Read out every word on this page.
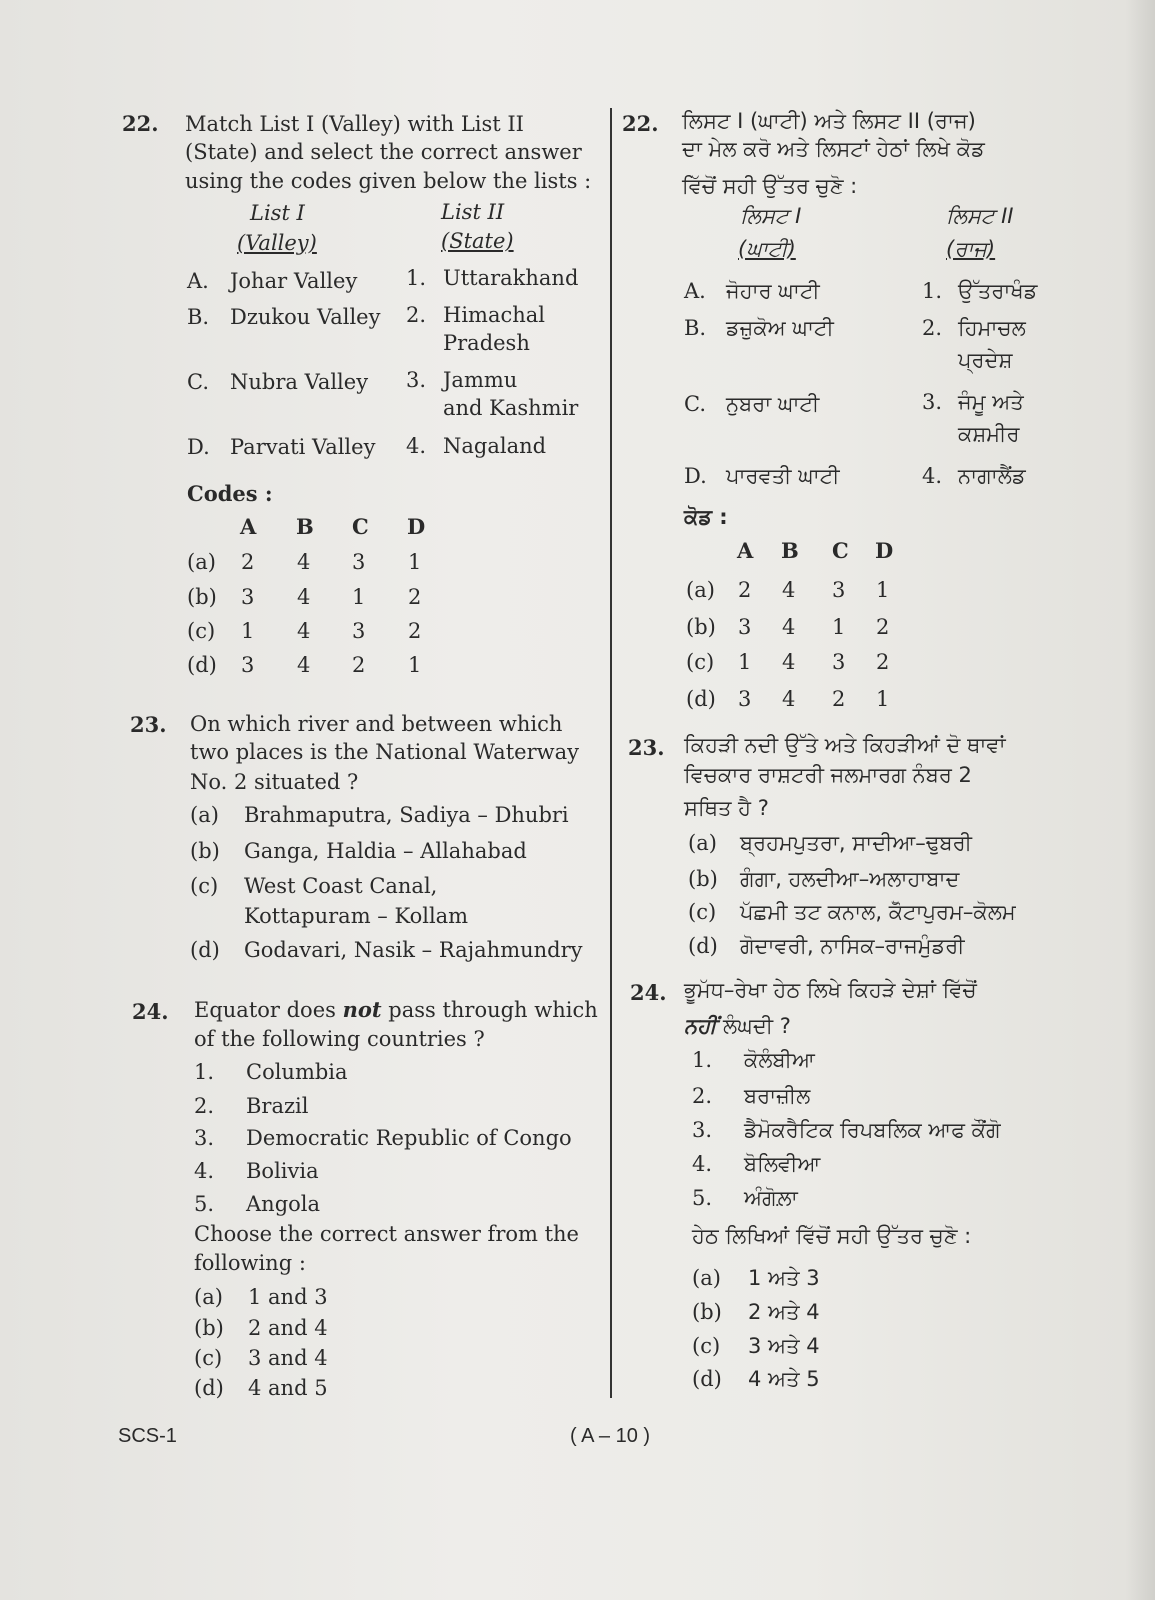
22. Match List I (Valley) with List II
(State) and select the correct answer
using the codes given below the lists :
List I
(Valley)
List II
(State)
A. Johar Valley
B. Dzukou Valley
C. Nubra Valley
D. Parvati Valley
1. Uttarakhand
2. Himachal
Pradesh
3. Jammu
and Kashmir
4. Nagaland
Codes :
A B C D
(a) 2 4 3 1
(b) 3 4 1 2
(c) 1 4 3 2
(d) 3 4 2 1
23. On which river and between which
two places is the National Waterway
No. 2 situated ?
(a) Brahmaputra, Sadiya – Dhubri
(b) Ganga, Haldia – Allahabad
(c) West Coast Canal,
Kottapuram – Kollam
(d) Godavari, Nasik – Rajahmundry
24.
1. Columbia
2. Brazil
3. Democratic Republic of Congo
4. Bolivia
5. Angola
Choose the correct answer from the
following :
(a) 1 and 3
(b) 2 and 4
(c) 3 and 4
(d) 4 and 5
of the following countries ?
22. ਲਿਸਟ I (ਘਾਟੀ) ਅਤੇ ਲਿਸਟ II (ਰਾਜ)
ਦਾ ਮੇਲ ਕਰੋ ਅਤੇ ਲਿਸਟਾਂ ਹੇਠਾਂ ਲਿਖੇ ਕੋਡ
ਵਿੱਚੋਂ ਸਹੀ ਉੱਤਰ ਚੁਣੋ :
ਲਿਸਟ I
(ਘਾਟੀ)
ਲਿਸਟ II
(ਰਾਜ)
A. ਜੋਹਾਰ ਘਾਟੀ
B. ਡਜ਼ੁਕੋਅ ਘਾਟੀ
C. ਨੁਬਰਾ ਘਾਟੀ
D. ਪਾਰਵਤੀ ਘਾਟੀ
1. ਉੱਤਰਾਖੰਡ
2. ਹਿਮਾਚਲ
ਪ੍ਰਦੇਸ਼
3. ਜੰਮੂ ਅਤੇ
ਕਸ਼ਮੀਰ
4. ਨਾਗਾਲੈਂਡ
ਕੋਡ :
A B C D
(a) 2 4 3 1
(b) 3 4 1 2
(c) 1 4 3 2
(d) 3 4 2 1
23. ਕਿਹੜੀ ਨਦੀ ਉੱਤੇ ਅਤੇ ਕਿਹੜੀਆਂ ਦੋ ਥਾਵਾਂ
ਵਿਚਕਾਰ ਰਾਸ਼ਟਰੀ ਜਲਮਾਰਗ ਨੰਬਰ 2
ਸਥਿਤ ਹੈ ?
(a) ਬ੍ਰਹਮਪੁਤਰਾ, ਸਾਦੀਆ–ਢੁਬਰੀ
(b) ਗੰਗਾ, ਹਲਦੀਆ–ਅਲਾਹਾਬਾਦ
(c) ਪੱਛਮੀ ਤਟ ਕਨਾਲ, ਕੋੱਟਾਪੁਰਮ–ਕੋਲਮ
(d) ਗੋਦਾਵਰੀ, ਨਾਸਿਕ–ਰਾਜਮੁੰਡਰੀ
24. ਭੂਮੱਧ–ਰੇਖਾ ਹੇਠ ਲਿਖੇ ਕਿਹੜੇ ਦੇਸ਼ਾਂ ਵਿੱਚੋਂ
1. ਕੋਲੰਬੀਆ
2. ਬਰਾਜ਼ੀਲ
3. ਡੈਮੋਕਰੈਟਿਕ ਰਿਪਬਲਿਕ ਆਫ ਕੌਂਗੋ
4. ਬੋਲਿਵੀਆ
5. ਅੰਗੋਲ਼ਾ
ਹੇਠ ਲਿਖਿਆਂ ਵਿੱਚੋਂ ਸਹੀ ਉੱਤਰ ਚੁਣੋ :
(a) 1 ਅਤੇ 3
(b) 2 ਅਤੇ 4
(c) 3 ਅਤੇ 4
(d) 4 ਅਤੇ 5
SCS-1	( A – 10 )
Equator does not pass through which
ਨਹੀਂ ਲੰਘਦੀ ?
